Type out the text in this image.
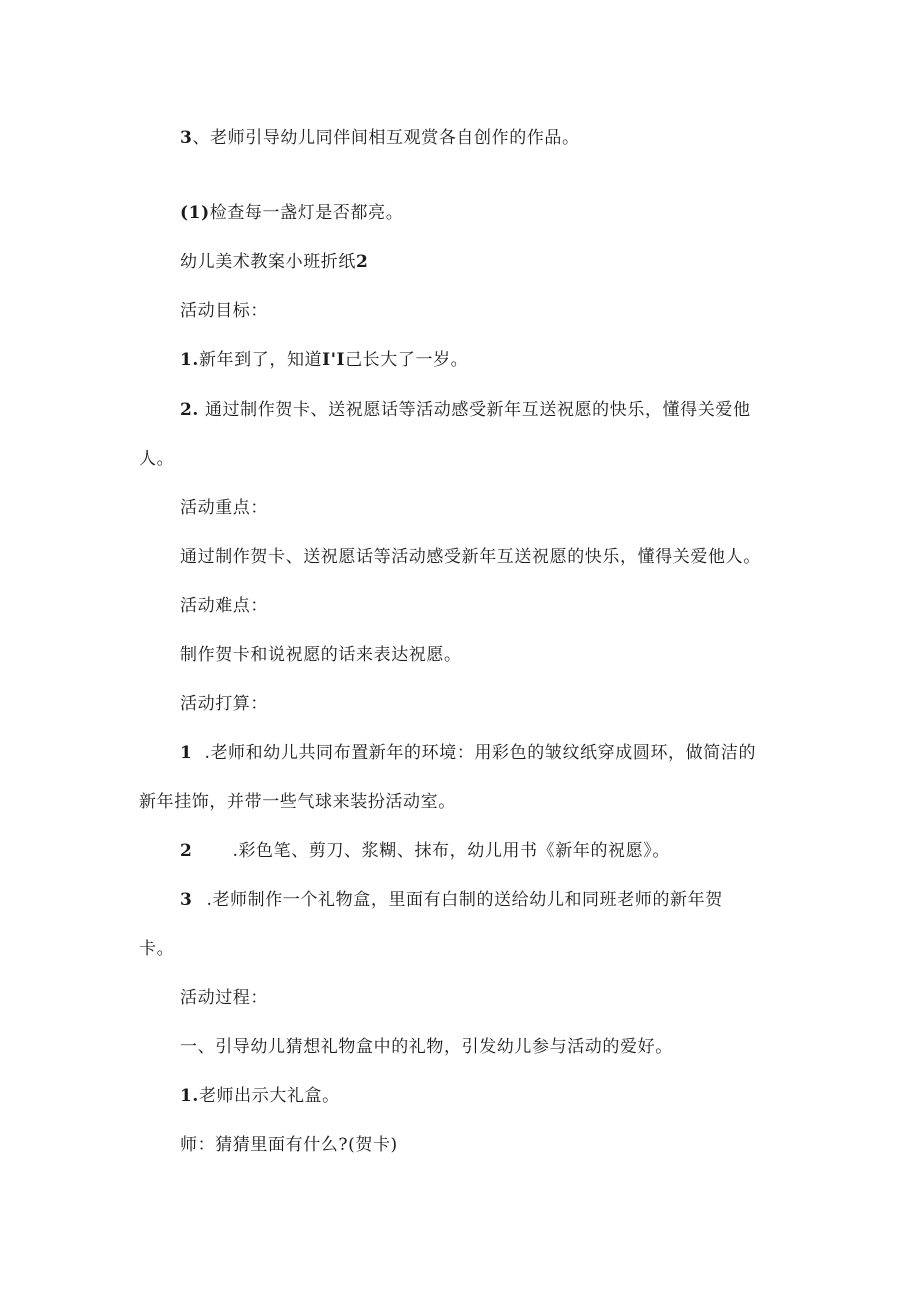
3、老师引导幼儿同伴间相互观赏各自创作的作品。
(1)检查每一盏灯是否都亮。
幼儿美术教案小班折纸2
活动目标：
1.新年到了，知道I'I己长大了一岁。
2. 通过制作贺卡、送祝愿话等活动感受新年互送祝愿的快乐，懂得关爱他
人。
活动重点：
通过制作贺卡、送祝愿话等活动感受新年互送祝愿的快乐，懂得关爱他人。
活动难点：
制作贺卡和说祝愿的话来表达祝愿。
活动打算：
1 .老师和幼儿共同布置新年的环境：用彩色的皱纹纸穿成圆环，做简洁的
新年挂饰，并带一些气球来装扮活动室。
2 .彩色笔、剪刀、浆糊、抹布，幼儿用书《新年的祝愿》。
3 .老师制作一个礼物盒，里面有白制的送给幼儿和同班老师的新年贺
卡。
活动过程：
一、引导幼儿猜想礼物盒中的礼物，引发幼儿参与活动的爱好。
1.老师出示大礼盒。
师：猜猜里面有什么?(贺卡)
